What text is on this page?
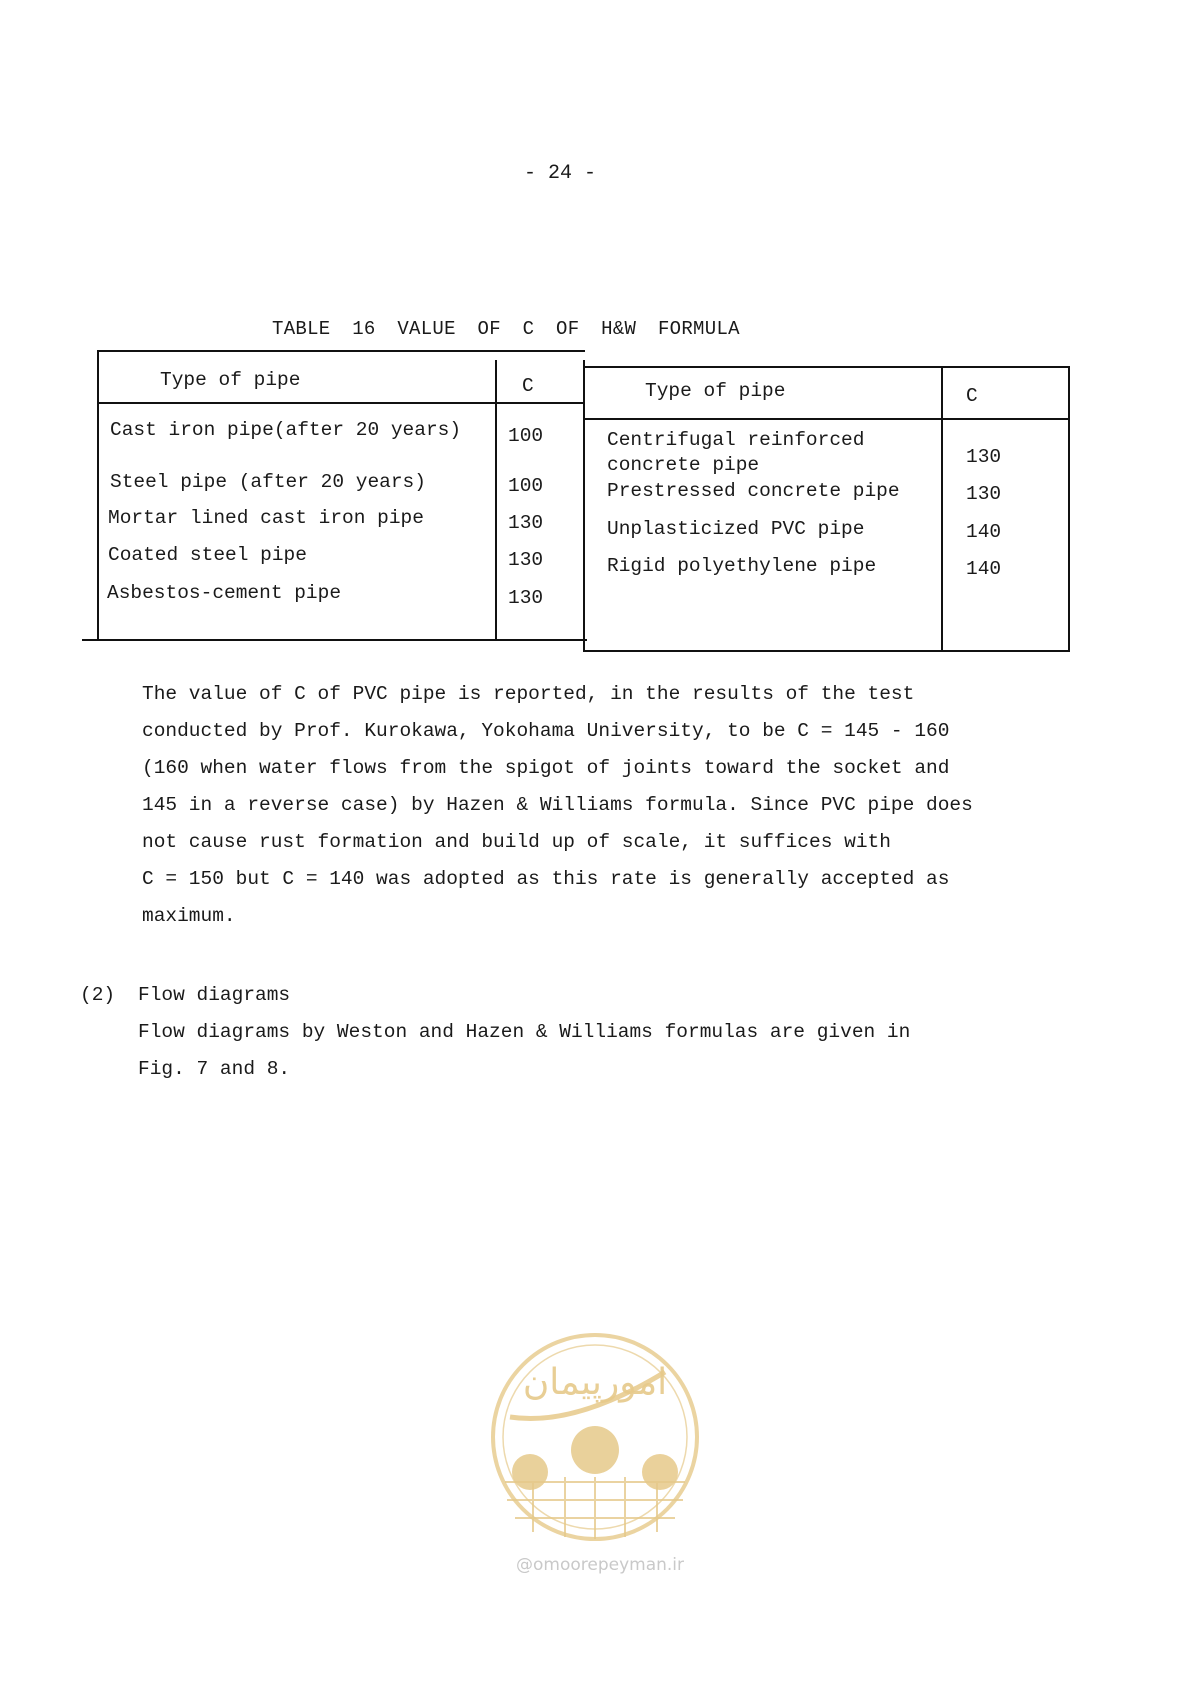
- 24 -
TABLE 16 VALUE OF C OF H&W FORMULA
Type of pipe	C	Type of pipe	C
Cast iron pipe(after 20 years) 100
Steel pipe (after 20 years)	100
Mortar lined cast iron pipe	130
Coated steel pipe	130
Asbestos-cement pipe	130
Centrifugal reinforced
concrete pipe	130
Prestressed concrete pipe	130
Unplasticized PVC pipe	140
Rigid polyethylene pipe	140

The value of C of PVC pipe is reported, in the results of the test

conducted by Prof. Kurokawa, Yokohama University, to be C = 145 - 160

(160 when water flows from the spigot of joints toward the socket and

145 in a reverse case) by Hazen & Williams formula. Since PVC pipe does

not cause rust formation and build up of scale, it suffices with

C = 150 but C = 140 was adopted as this rate is generally accepted as

maximum.

(2) Flow diagrams
Flow diagrams by Weston and Hazen & Williams formulas are given in
Fig. 7 and 8.
امورپیمان
@omoorepeyman.ir
